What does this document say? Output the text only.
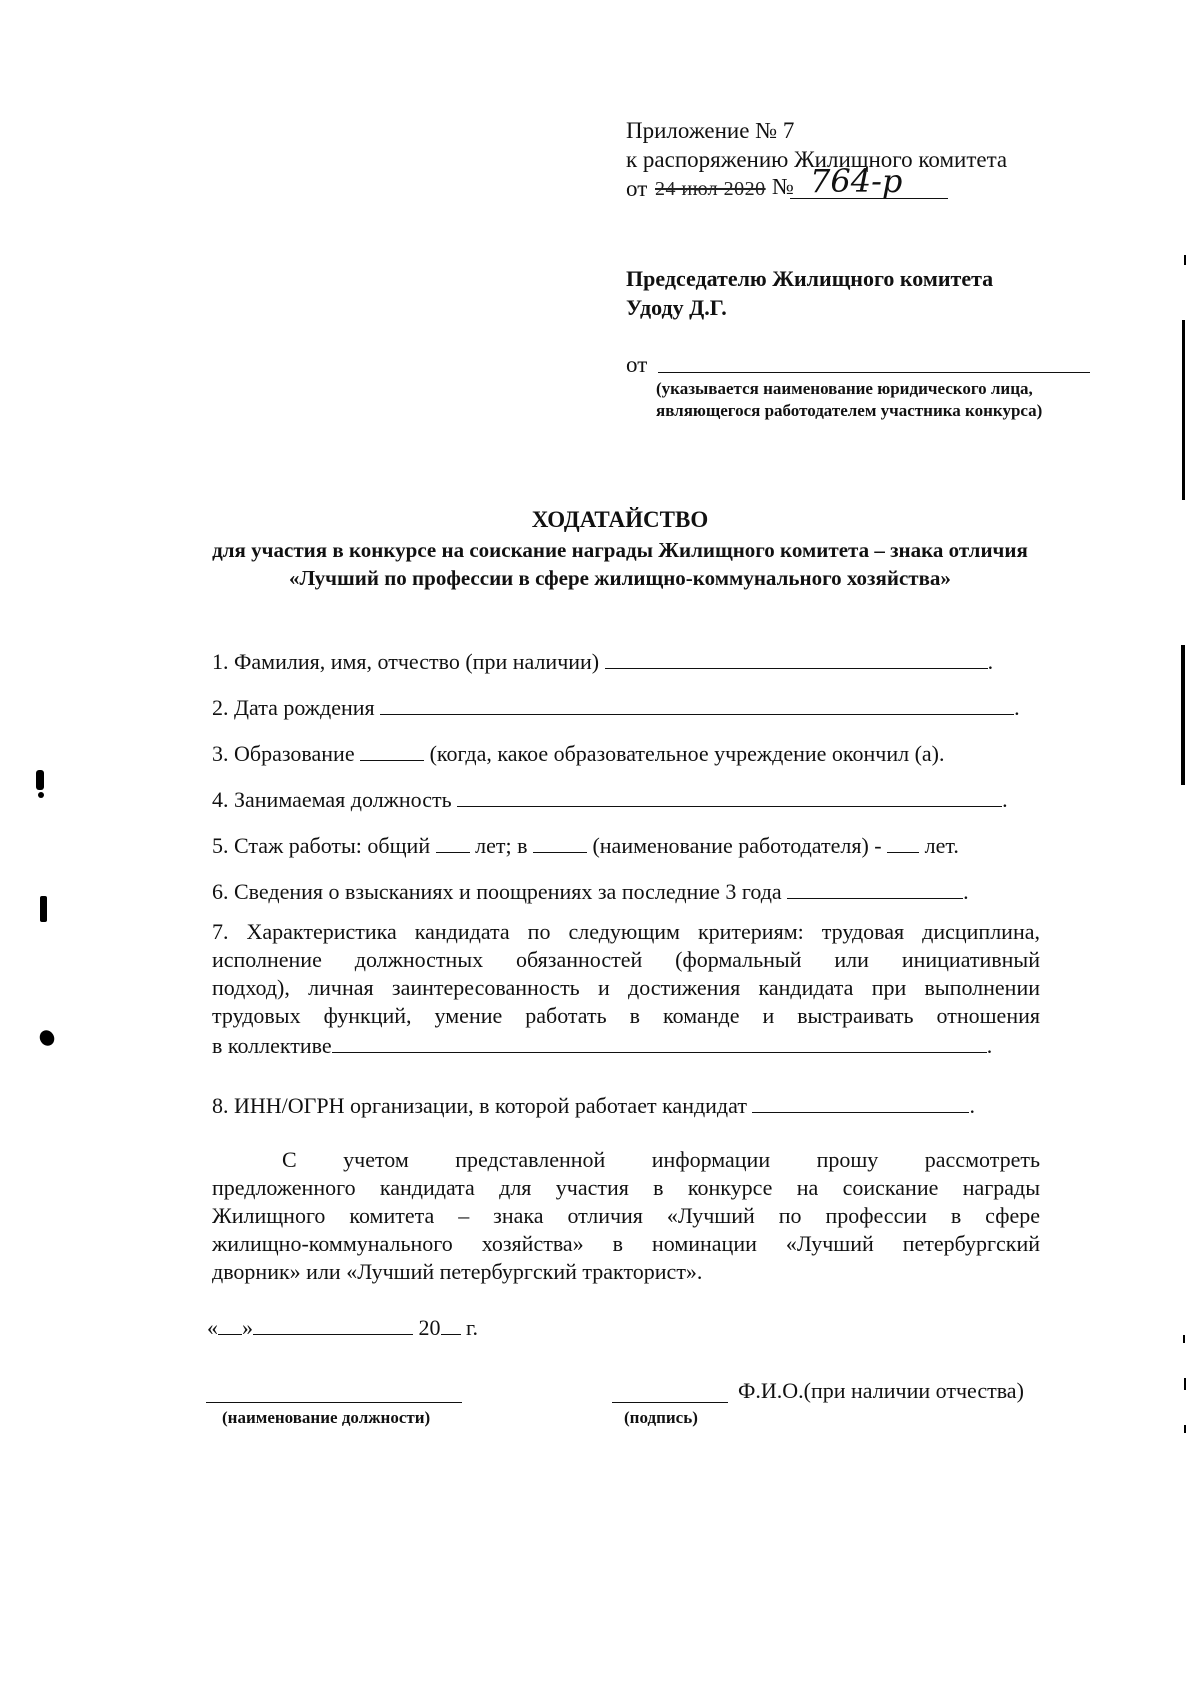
Приложение № 7
к распоряжению Жилищного комитета
от 24 июл 2020 № 764-р
Председателю Жилищного комитета
Удоду Д.Г.
от
(указывается наименование юридического лица,
являющегося работодателем участника конкурса)
ХОДАТАЙСТВО
для участия в конкурсе на соискание награды Жилищного комитета – знака отличия
«Лучший по профессии в сфере жилищно-коммунального хозяйства»
1. Фамилия, имя, отчество (при наличии)	.
2. Дата рождения	.
3. Образование	(когда, какое образовательное учреждение окончил (а).
4. Занимаемая должность	.
5. Стаж работы: общий лет; в	(наименование работодателя) - лет.
6. Сведения о взысканиях и поощрениях за последние 3 года	.
7. Характеристика кандидата по следующим критериям: трудовая дисциплина,
исполнение должностных обязанностей (формальный или инициативный
подход), личная заинтересованность и достижения кандидата при выполнении
трудовых функций, умение работать в команде и выстраивать отношения
в коллективе	.
8. ИНН/ОГРН организации, в которой работает кандидат	.
С учетом представленной информации прошу рассмотреть
предложенного кандидата для участия в конкурсе на соискание награды
Жилищного комитета – знака отличия «Лучший по профессии в сфере
жилищно-коммунального хозяйства» в номинации «Лучший петербургский
дворник» или «Лучший петербургский тракторист».
« »	20 г.
(наименование должности)	(подпись)
Ф.И.О.(при наличии отчества)
